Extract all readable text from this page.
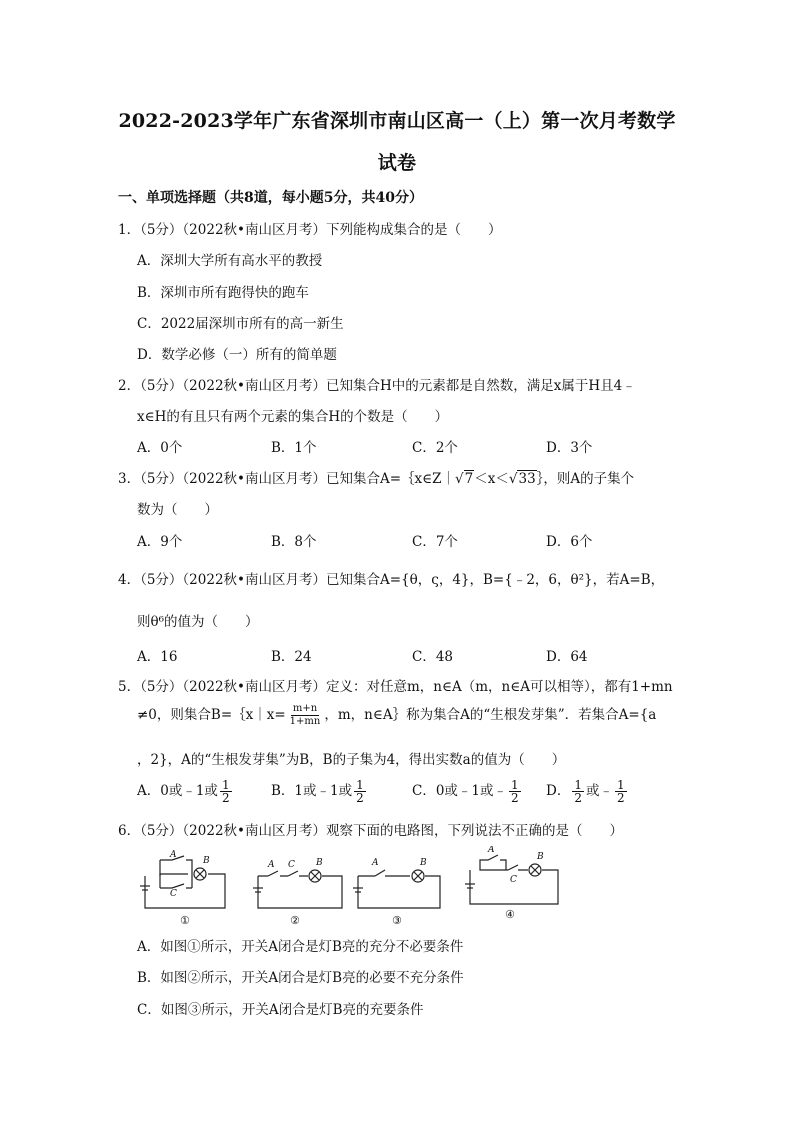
2022-2023学年广东省深圳市南山区高一（上）第一次月考数学
试卷
一、单项选择题（共8道，每小题5分，共40分）
1．（5分）（2022秋•南山区月考）下列能构成集合的是（　　）
A．深圳大学所有高水平的教授
B．深圳市所有跑得快的跑车
C．2022届深圳市所有的高一新生
D．数学必修（一）所有的简单题
2．（5分）（2022秋•南山区月考）已知集合H中的元素都是自然数，满足x属于H且4﹣
x∈H的有且只有两个元素的集合H的个数是（　　）
A．0个	B．1个	C．2个	D．3个
3．（5分）（2022秋•南山区月考）已知集合A=｛x∈Z｜√7＜x＜√33｝，则A的子集个
数为（　　）
A．9个	B．8个	C．7个	D．6个
4．（5分）（2022秋•南山区月考）已知集合A={θ，ς，4}，B={﹣2，6，θ²}，若A=B，
则θ⁶的值为（　　）
A．16	B．24	C．48	D．64
5．（5分）（2022秋•南山区月考）定义：对任意m，n∈A（m，n∈A可以相等），都有1+mn
≠0，则集合B=｛x｜x= $\frac{m+n}{1+mn}$ ，m，n∈A｝称为集合A的“生根发芽集”．若集合A={a
，2}，A的“生根发芽集”为B，B的子集为4，得出实数a的值为（　　）
A．0或﹣1或 $\frac{1}{2}$	B．1或﹣1或 $\frac{1}{2}$	C．0或﹣1或﹣ $\frac{1}{2}$ D． $\frac{1}{2}$ 或﹣ $\frac{1}{2}$
6．（5分）（2022秋•南山区月考）观察下面的电路图，下列说法不正确的是（　　）
A
B
C
A C B	A	B
A
C
B
①	②	③	④
A．如图①所示，开关A闭合是灯B亮的充分不必要条件
B．如图②所示，开关A闭合是灯B亮的必要不充分条件
C．如图③所示，开关A闭合是灯B亮的充要条件
